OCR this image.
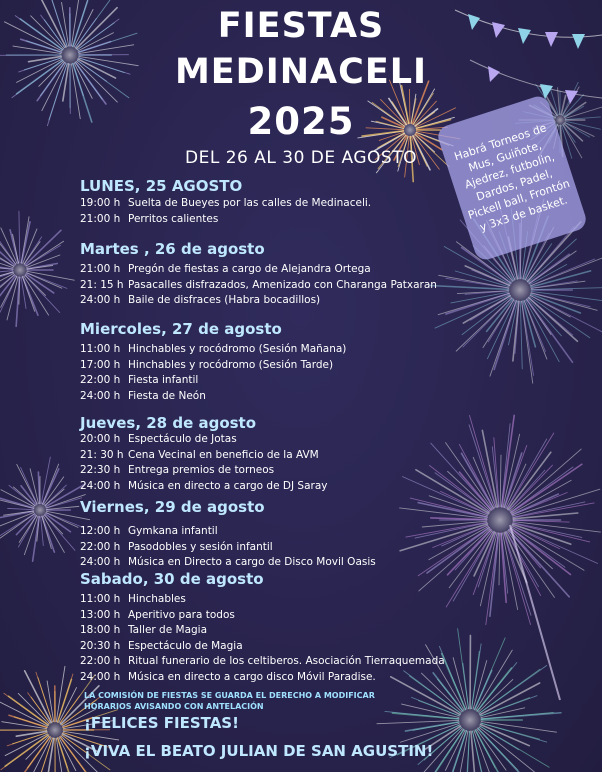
FIESTAS
MEDINACELI
2025
DEL 26 AL 30 DE AGOSTO	Habrá Torneos de Mus, Guiñote, Ajedrez, futbolin, Dardos, Padel, Pickell ball, Frontón y 3x3 de basket.
LUNES, 25 AGOSTO
19:00 h Suelta de Bueyes por las calles de Medinaceli.
21:00 h Perritos calientes
Martes , 26 de agosto
21:00 h Pregón de fiestas a cargo de Alejandra Ortega
21: 15 h Pasacalles disfrazados, Amenizado con Charanga Patxaran
24:00 h Baile de disfraces (Habra bocadillos)
Miercoles, 27 de agosto
11:00 h Hinchables y rocódromo (Sesión Mañana)
17:00 h Hinchables y rocódromo (Sesión Tarde)
22:00 h Fiesta infantil
24:00 h Fiesta de Neón
Jueves, 28 de agosto
20:00 h Espectáculo de Jotas
21: 30 h Cena Vecinal en beneficio de la AVM
22:30 h Entrega premios de torneos
24:00 h Música en directo a cargo de DJ Saray
Viernes, 29 de agosto
12:00 h Gymkana infantil
22:00 h Pasodobles y sesión infantil
24:00 h Música en Directo a cargo de Disco Movil Oasis
Sabado, 30 de agosto
11:00 h Hinchables
13:00 h Aperitivo para todos
18:00 h Taller de Magia
20:30 h Espectáculo de Magia
22:00 h Ritual funerario de los celtiberos. Asociación Tierraquemada
24:00 h Música en directo a cargo disco Móvil Paradise.
LA COMISIÓN DE FIESTAS SE GUARDA EL DERECHO A MODIFICAR HORARIOS AVISANDO CON ANTELACIÓN
¡FELICES FIESTAS!
¡VIVA EL BEATO JULIAN DE SAN AGUSTIN!
